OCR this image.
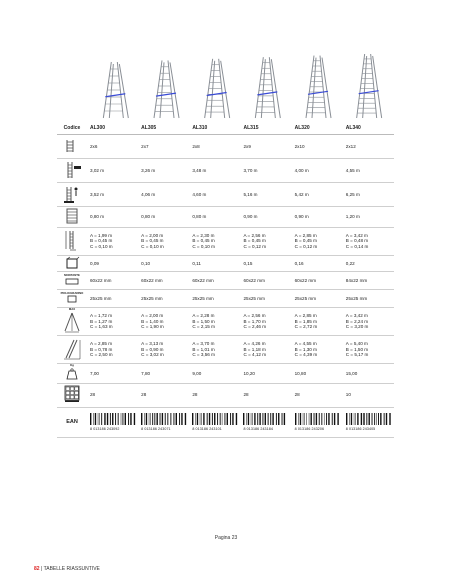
Codice	AL300	AL305	AL310	AL315	AL320	AL340
	2x6	2x7	2x8	2x9	2x10	2x12
	3,02 m	3,26 m	3,48 m	3,70 m	4,00 m	4,55 m
	3,52 m	4,06 m	4,60 m	5,16 m	5,42 m	6,25 m
	0,80 m	0,80 m	0,80 m	0,90 m	0,90 m	1,20 m
	A = 1,99 m
B = 0,45 m
C = 0,10 m	A = 2,00 m
B = 0,45 m
C = 0,10 m	A = 2,30 m
B = 0,45 m
C = 0,10 m	A = 2,56 m
B = 0,45 m
C = 0,12 m	A = 2,85 m
B = 0,45 m
C = 0,12 m	A = 3,42 m
B = 0,48 m
C = 0,14 m
	0,09	0,10	0,11	0,15	0,16	0,22

MONTANTE	60x22 mm	60x22 mm	60x22 mm	60x22 mm	60x22 mm	84x22 mm

PIOLO/GRADINO	25x25 mm	25x25 mm	25x25 mm	25x25 mm	25x25 mm	25x25 mm

MAX	A = 1,72 m
B = 1,27 m
C = 1,63 m	A = 2,00 m
B = 1,40 m
C = 1,90 m	A = 2,28 m
B = 1,50 m
C = 2,15 m	A = 2,56 m
B = 1,70 m
C = 2,46 m	A = 2,85 m
B = 1,85 m
C = 2,72 m	A = 3,42 m
B = 2,24 m
C = 3,20 m
	A = 2,85 m
B = 0,78 m
C = 2,50 m	A = 3,13 m
B = 0,90 m
C = 3,02 m	A = 3,70 m
B = 1,01 m
C = 3,56 m	A = 4,26 m
B = 1,18 m
C = 4,12 m	A = 4,55 m
B = 1,30 m
C = 4,39 m	A = 5,40 m
B = 1,50 m
C = 5,17 m

Kg	7,00	7,80	9,00	10,20	10,80	15,00
	28	28	28	28	28	10
EAN	8 013186 243092	8 013186 243071	8 013186 243101	8 013186 243184	8 013186 243206	8 013186 243405
Pagina 23
82 | TABELLE RIASSUNTIVE
